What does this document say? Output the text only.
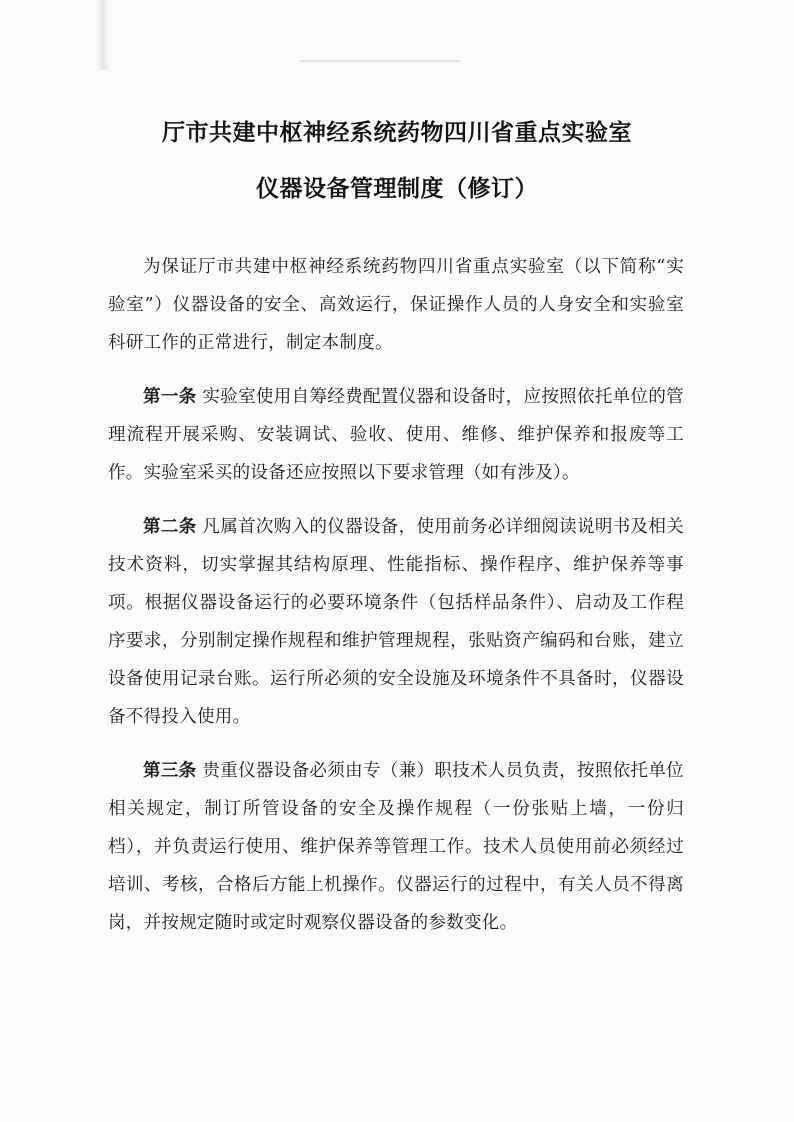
厅市共建中枢神经系统药物四川省重点实验室
仪器设备管理制度（修订）

为保证厅市共建中枢神经系统药物四川省重点实验室（以下简称“实验室”）仪器设备的安全、高效运行，保证操作人员的人身安全和实验室科研工作的正常进行，制定本制度。

第一条 实验室使用自筹经费配置仪器和设备时，应按照依托单位的管理流程开展采购、安装调试、验收、使用、维修、维护保养和报废等工作。实验室采买的设备还应按照以下要求管理（如有涉及）。

第二条 凡属首次购入的仪器设备，使用前务必详细阅读说明书及相关技术资料，切实掌握其结构原理、性能指标、操作程序、维护保养等事项。根据仪器设备运行的必要环境条件（包括样品条件）、启动及工作程序要求，分别制定操作规程和维护管理规程，张贴资产编码和台账，建立设备使用记录台账。运行所必须的安全设施及环境条件不具备时，仪器设备不得投入使用。

第三条 贵重仪器设备必须由专（兼）职技术人员负责，按照依托单位相关规定，制订所管设备的安全及操作规程（一份张贴上墙，一份归档），并负责运行使用、维护保养等管理工作。技术人员使用前必须经过培训、考核，合格后方能上机操作。仪器运行的过程中，有关人员不得离岗，并按规定随时或定时观察仪器设备的参数变化。
